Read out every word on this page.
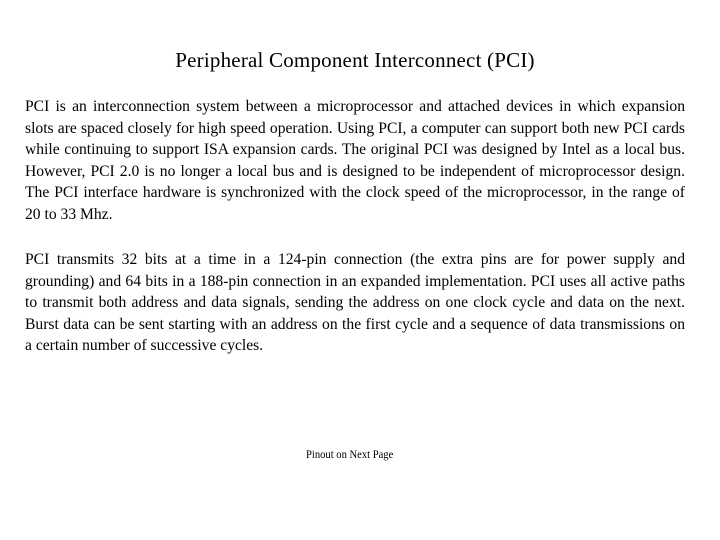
Peripheral Component Interconnect (PCI)

PCI is an interconnection system between a microprocessor and attached devices in which expansion slots are spaced closely for high speed operation. Using PCI, a computer can support both new PCI cards while continuing to support ISA expansion cards. The original PCI was designed by Intel as a local bus. However, PCI 2.0 is no longer a local bus and is designed to be independent of microprocessor design. The PCI interface hardware is synchronized with the clock speed of the microprocessor, in the range of 20 to 33 Mhz.

PCI transmits 32 bits at a time in a 124-pin connection (the extra pins are for power supply and grounding) and 64 bits in a 188-pin connection in an expanded implementation. PCI uses all active paths to transmit both address and data signals, sending the address on one clock cycle and data on the next. Burst data can be sent starting with an address on the first cycle and a sequence of data transmissions on a certain number of successive cycles.

Pinout on Next Page
